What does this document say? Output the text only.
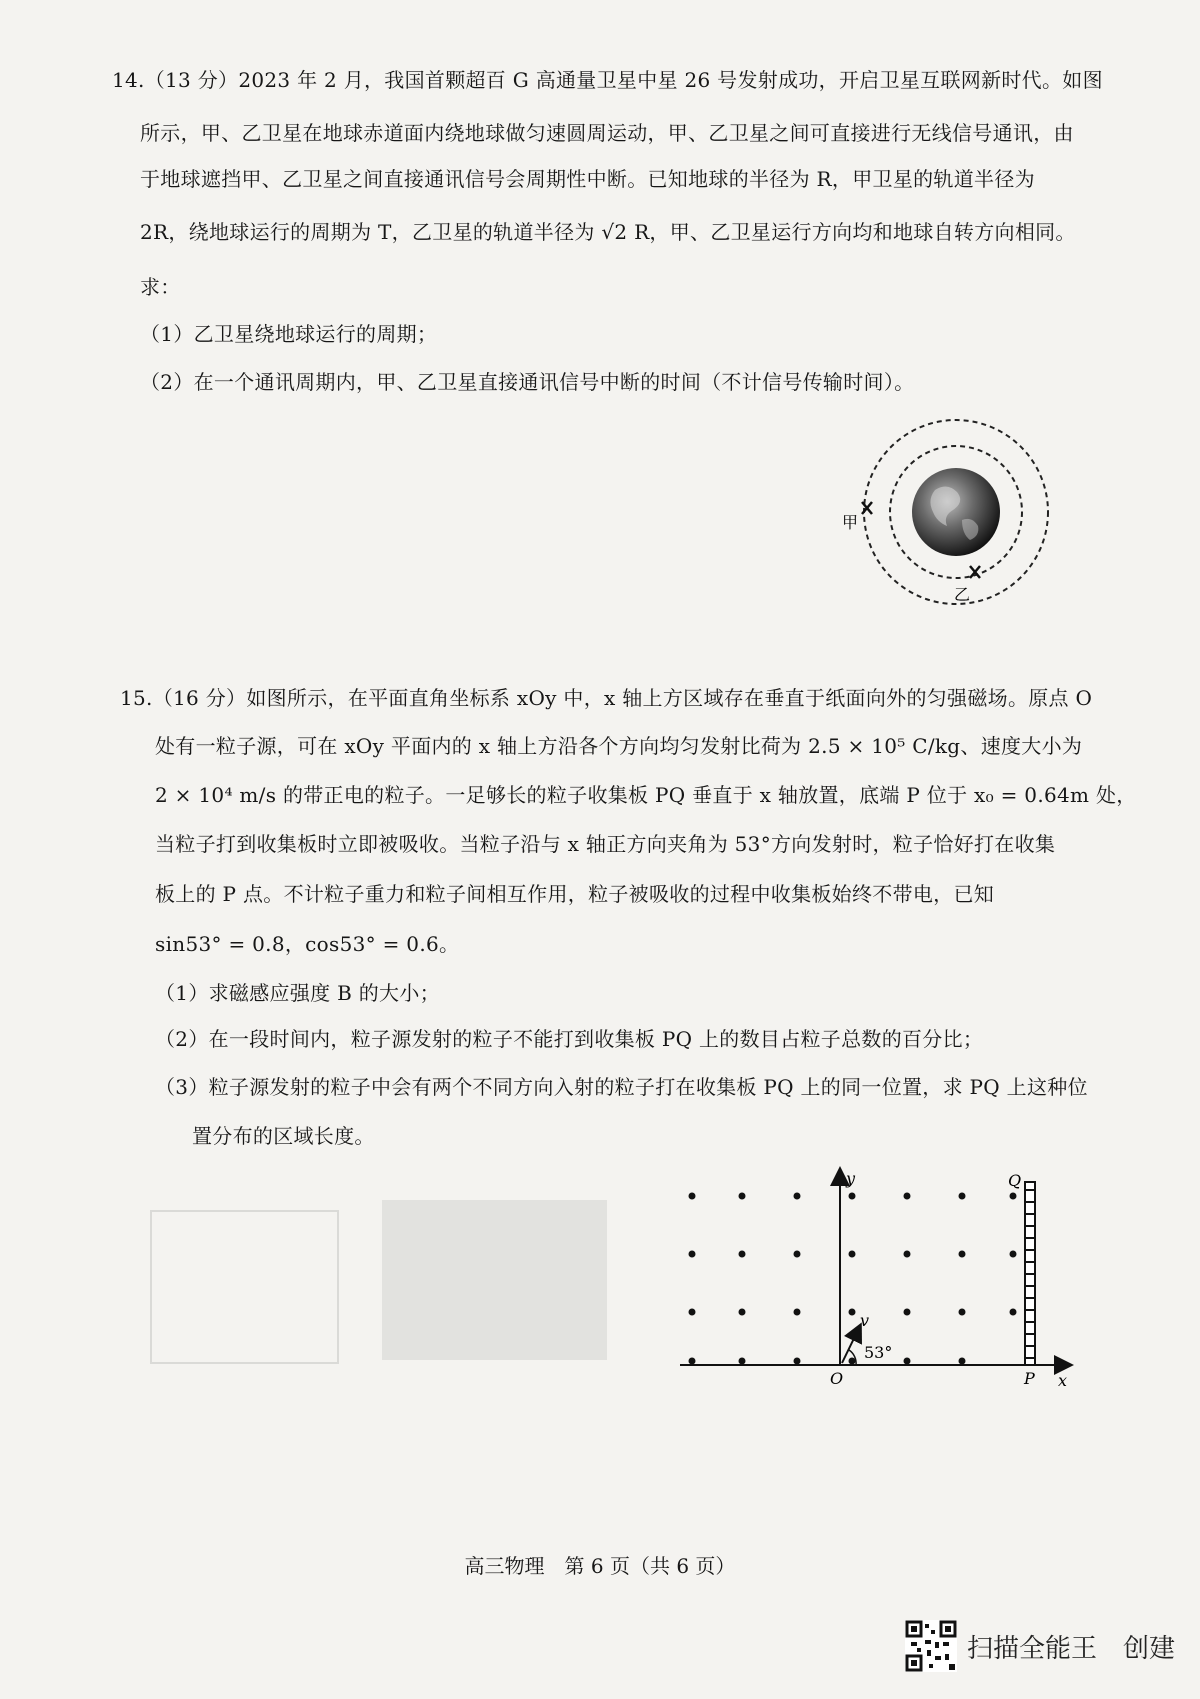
14.（13 分）2023 年 2 月，我国首颗超百 G 高通量卫星中星 26 号发射成功，开启卫星互联网新时代。如图
所示，甲、乙卫星在地球赤道面内绕地球做匀速圆周运动，甲、乙卫星之间可直接进行无线信号通讯，由
于地球遮挡甲、乙卫星之间直接通讯信号会周期性中断。已知地球的半径为 R，甲卫星的轨道半径为
2R，绕地球运行的周期为 T，乙卫星的轨道半径为 √2 R，甲、乙卫星运行方向均和地球自转方向相同。
求：
（1）乙卫星绕地球运行的周期；
（2）在一个通讯周期内，甲、乙卫星直接通讯信号中断的时间（不计信号传输时间）。
甲
乙
15.（16 分）如图所示，在平面直角坐标系 xOy 中，x 轴上方区域存在垂直于纸面向外的匀强磁场。原点 O
处有一粒子源，可在 xOy 平面内的 x 轴上方沿各个方向均匀发射比荷为 2.5 × 10⁵ C/kg、速度大小为
2 × 10⁴ m/s 的带正电的粒子。一足够长的粒子收集板 PQ 垂直于 x 轴放置，底端 P 位于 x₀ = 0.64m 处，
当粒子打到收集板时立即被吸收。当粒子沿与 x 轴正方向夹角为 53°方向发射时，粒子恰好打在收集
板上的 P 点。不计粒子重力和粒子间相互作用，粒子被吸收的过程中收集板始终不带电，已知
sin53° = 0.8，cos53° = 0.6。
（1）求磁感应强度 B 的大小；
（2）在一段时间内，粒子源发射的粒子不能打到收集板 PQ 上的数目占粒子总数的百分比；
（3）粒子源发射的粒子中会有两个不同方向入射的粒子打在收集板 PQ 上的同一位置，求 PQ 上这种位
置分布的区域长度。
y
x
O
Q
P
v
53°
高三物理　第 6 页（共 6 页）
扫描全能王　创建
